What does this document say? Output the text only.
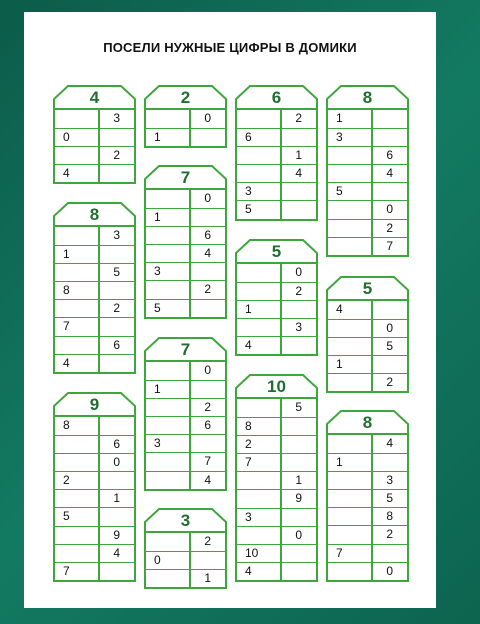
ПОСЕЛИ НУЖНЫЕ ЦИФРЫ В ДОМИКИ
4
3
0
2
4
2
0
1
6
2
6
1
4
3
5
8
1
3
6
4
5
0
2
7
7
0
1
6
4
3
2
5
8
3
1
5
8
2
7
6
4
5
0
2
1
3
4
5
4
0
5
1
2
7
0
1
2
6
3
7
4
9
8
6
0
2
1
5
9
4
7
10
5
8
2
7
1
9
3
0
10
4
8
4
1
3
5
8
2
7
0
3
2
0
1
